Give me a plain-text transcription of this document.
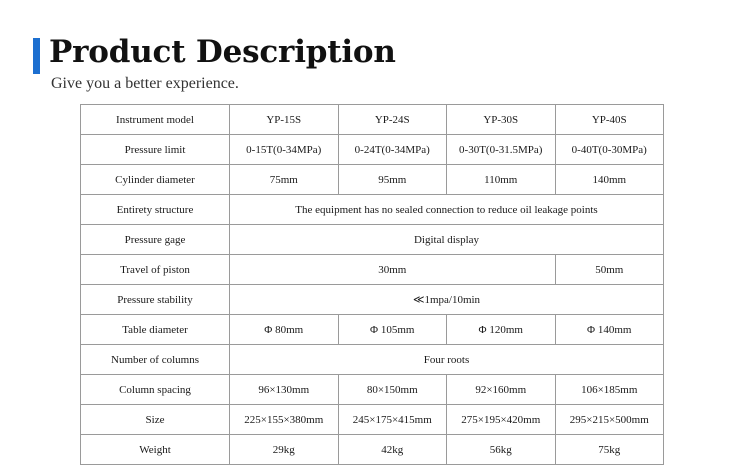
Product Description
Give you a better experience.
Instrument model	YP-15S	YP-24S	YP-30S	YP-40S
Pressure limit	0-15T(0-34MPa)	0-24T(0-34MPa)	0-30T(0-31.5MPa)	0-40T(0-30MPa)
Cylinder diameter	75mm	95mm	110mm	140mm
Entirety structure	The equipment has no sealed connection to reduce oil leakage points			
Pressure gage	Digital display			
Travel of piston	30mm			50mm
Pressure stability	≪1mpa/10min			
Table diameter	Φ 80mm	Φ 105mm	Φ 120mm	Φ 140mm
Number of columns	Four roots			
Column spacing	96×130mm	80×150mm	92×160mm	106×185mm
Size	225×155×380mm	245×175×415mm	275×195×420mm	295×215×500mm
Weight	29kg	42kg	56kg	75kg
